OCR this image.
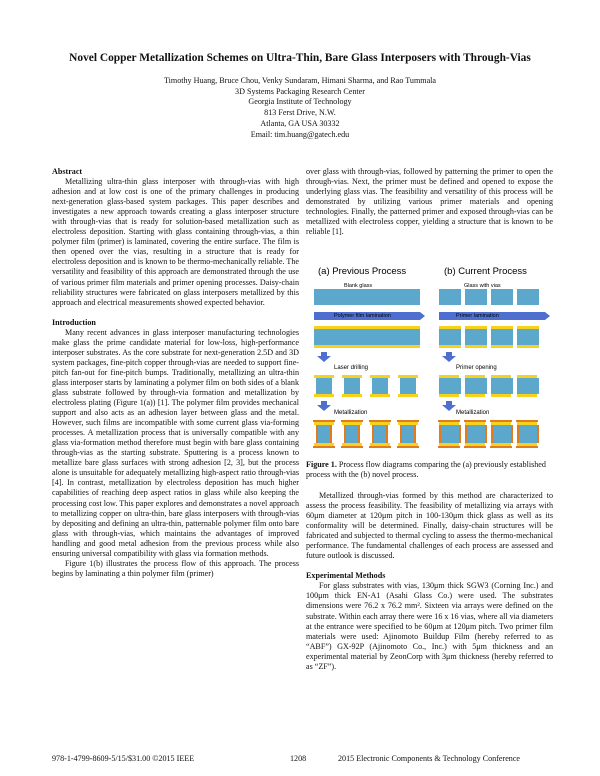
Novel Copper Metallization Schemes on Ultra-Thin, Bare Glass Interposers with Through-Vias
Timothy Huang, Bruce Chou, Venky Sundaram, Himani Sharma, and Rao Tummala
3D Systems Packaging Research Center
Georgia Institute of Technology
813 Ferst Drive, N.W.
Atlanta, GA USA 30332
Email: tim.huang@gatech.edu
Abstract

Metallizing ultra-thin glass interposer with through-vias with high adhesion and at low cost is one of the primary challenges in producing next-generation glass-based system packages. This paper describes and investigates a new approach towards creating a glass interposer structure with through-vias that is ready for solution-based metallization such as electroless deposition. Starting with glass containing through-vias, a thin polymer film (primer) is laminated, covering the entire surface. The film is then opened over the vias, resulting in a structure that is ready for electroless deposition and is known to be thermo-mechanically reliable. The versatility and feasibility of this approach are demonstrated through the use of various primer film materials and primer opening processes. Daisy-chain reliability structures were fabricated on glass interposers metallized by this approach and electrical measurements showed expected behavior.

Introduction

Many recent advances in glass interposer manufacturing technologies make glass the prime candidate material for low-loss, high-performance interposer substrates. As the core substrate for next-generation 2.5D and 3D system packages, fine-pitch copper through-vias are needed to support fine-pitch fan-out for fine-pitch bumps. Traditionally, metallizing an ultra-thin glass interposer starts by laminating a polymer film on both sides of a blank glass substrate followed by through-via formation and metallization by electroless plating (Figure 1(a)) [1]. The polymer film provides mechanical support and also acts as an adhesion layer between glass and the metal. However, such films are incompatible with some current glass via-forming processes. A metallization process that is universally compatible with any glass via-formation method therefore must begin with bare glass containing through-vias as the starting substrate. Sputtering is a process known to metallize bare glass surfaces with strong adhesion [2, 3], but the process alone is unsuitable for adequately metallizing high-aspect ratio through-vias [4]. In contrast, metallization by electroless deposition has much higher capabilities of reaching deep aspect ratios in glass while also keeping the processing cost low. This paper explores and demonstrates a novel approach to metallizing copper on ultra-thin, bare glass interposers with through-vias by depositing and defining an ultra-thin, patternable polymer film onto bare glass with through-vias, which maintains the advantages of improved handling and good metal adhesion from the previous process while also ensuring universal compatibility with glass via formation methods.

Figure 1(b) illustrates the process flow of this approach. The process begins by laminating a thin polymer film (primer)

over glass with through-vias, followed by patterning the primer to open the through-vias. Next, the primer must be defined and opened to expose the underlying glass vias. The feasibility and versatility of this process will be demonstrated by utilizing various primer materials and opening technologies. Finally, the patterned primer and exposed through-vias can be metallized with electroless copper, yielding a structure that is known to be reliable [1].

(a) Previous Process	(b) Current Process
Blank glass	Glass with vias
Polymer film lamination	Primer lamination
Laser drilling	Primer opening
Metallization	Metallization
Figure 1. Process flow diagrams comparing the (a) previously established process with the (b) novel process.

Metallized through-vias formed by this method are characterized to assess the process feasibility. The feasibility of metallizing via arrays with 60μm diameter at 120μm pitch in 100-130μm thick glass as well as its conformality will be determined. Finally, daisy-chain structures will be fabricated and subjected to thermal cycling to assess the thermo-mechanical performance. The fundamental challenges of each process are assessed and future outlook is discussed.

Experimental Methods

For glass substrates with vias, 130μm thick SGW3 (Corning Inc.) and 100μm thick EN-A1 (Asahi Glass Co.) were used. The substrates dimensions were 76.2 x 76.2 mm². Sixteen via arrays were defined on the substrate. Within each array there were 16 x 16 vias, where all via diameters at the entrance were specified to be 60μm at 120μm pitch. Two primer film materials were used: Ajinomoto Buildup Film (hereby referred to as “ABF”) GX-92P (Ajinomoto Co., Inc.) with 5μm thickness and an experimental material by ZeonCorp with 3μm thickness (hereby referred to as “ZF”).

978-1-4799-8609-5/15/$31.00 ©2015 IEEE	1208	2015 Electronic Components & Technology Conference
